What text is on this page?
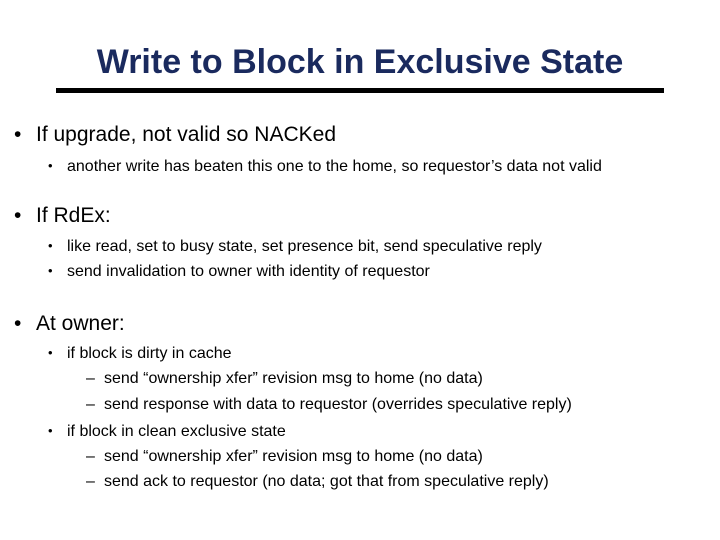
Write to Block in Exclusive State
• If upgrade, not valid so NACKed
• another write has beaten this one to the home, so requestor’s data not valid
• If RdEx:
• like read, set to busy state, set presence bit, send speculative reply
• send invalidation to owner with identity of requestor
• At owner:
• if block is dirty in cache
– send “ownership xfer” revision msg to home (no data)
– send response with data to requestor (overrides speculative reply)
• if block in clean exclusive state
– send “ownership xfer” revision msg to home (no data)
– send ack to requestor (no data; got that from speculative reply)
